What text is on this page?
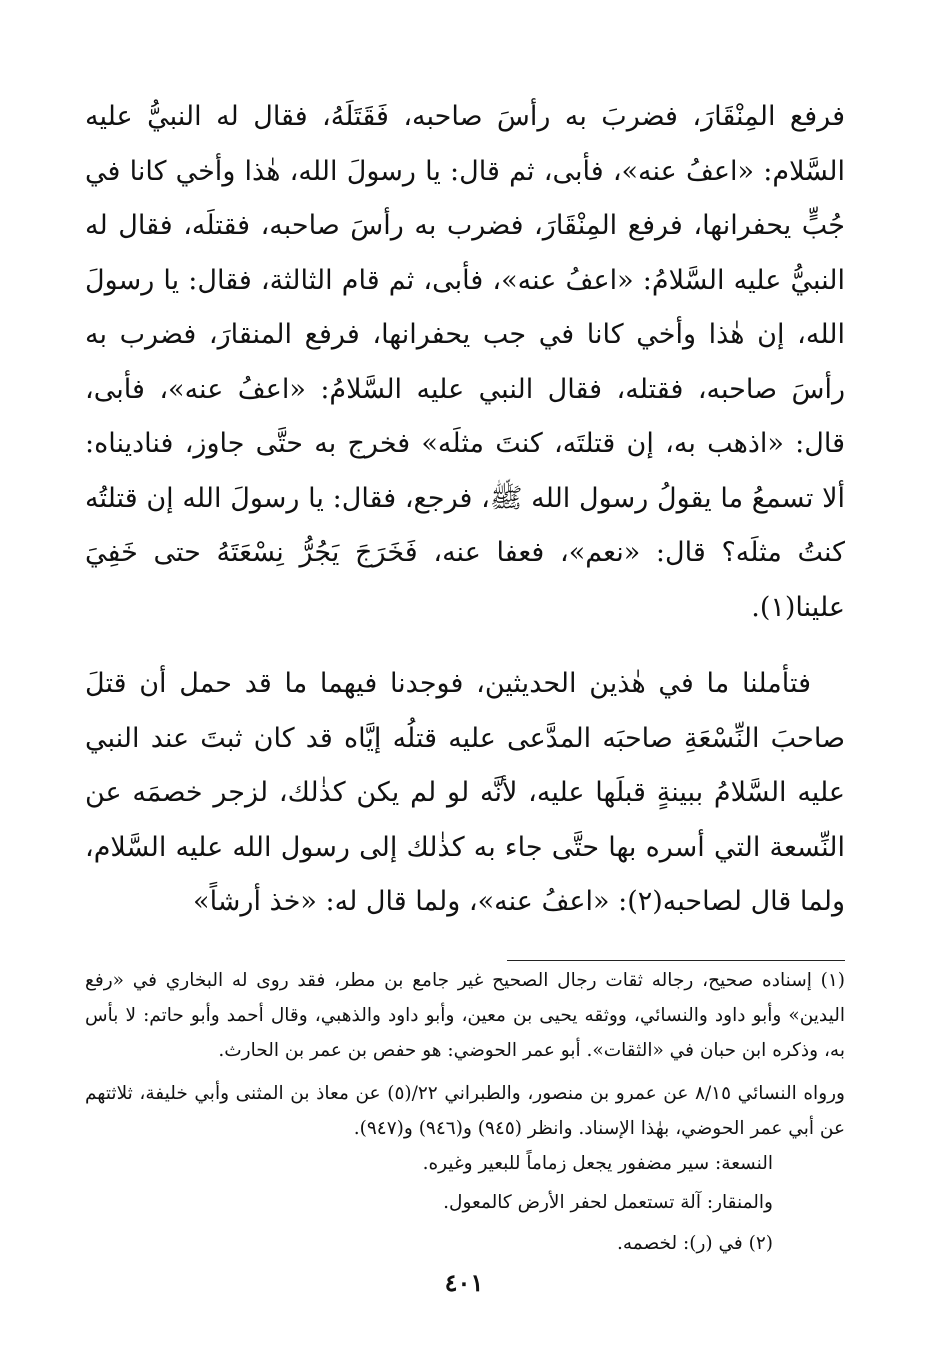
فرفع المِنْقَارَ، فضربَ به رأسَ صاحبه، فَقَتَلَهُ، فقال له النبيُّ عليه السَّلام: «اعفُ عنه»، فأبى، ثم قال: يا رسولَ الله، هٰذا وأخي كانا في جُبٍّ يحفرانها، فرفع المِنْقَارَ، فضرب به رأسَ صاحبه، فقتلَه، فقال له النبيُّ عليه السَّلامُ: «اعفُ عنه»، فأبى، ثم قام الثالثة، فقال: يا رسولَ الله، إن هٰذا وأخي كانا في جب يحفرانها، فرفع المنقارَ، فضرب به رأسَ صاحبه، فقتله، فقال النبي عليه السَّلامُ: «اعفُ عنه»، فأبى، قال: «اذهب به، إن قتلتَه، كنتَ مثلَه» فخرج به حتَّى جاوز، فناديناه: ألا تسمعُ ما يقولُ رسول الله ﷺ، فرجع، فقال: يا رسولَ الله إن قتلتُه كنتُ مثلَه؟ قال: «نعم»، فعفا عنه، فَخَرَجَ يَجُرُّ نِسْعَتَهُ حتى خَفِيَ علينا(١).

فتأملنا ما في هٰذين الحديثين، فوجدنا فيهما ما قد حمل أن قتلَ صاحبَ النِّسْعَةِ صاحبَه المدَّعى عليه قتلُه إيَّاه قد كان ثبتَ عند النبي عليه السَّلامُ ببينةٍ قبلَها عليه، لأنَّه لو لم يكن كذٰلك، لزجر خصمَه عن النِّسعة التي أسره بها حتَّى جاء به كذٰلك إلى رسول الله عليه السَّلام، ولما قال لصاحبه(٢): «اعفُ عنه»، ولما قال له: «خذ أرشاً»

(١) إسناده صحيح، رجاله ثقات رجال الصحيح غير جامع بن مطر، فقد روى له البخاري في «رفع اليدين» وأبو داود والنسائي، ووثقه يحيى بن معين، وأبو داود والذهبي، وقال أحمد وأبو حاتم: لا بأس به، وذكره ابن حبان في «الثقات». أبو عمر الحوضي: هو حفص بن عمر بن الحارث.

ورواه النسائي ٨/١٥ عن عمرو بن منصور، والطبراني ٢٢/(٥) عن معاذ بن المثنى وأبي خليفة، ثلاثتهم عن أبي عمر الحوضي، بهٰذا الإسناد. وانظر (٩٤٥) و(٩٤٦) و(٩٤٧).

النسعة: سير مضفور يجعل زماماً للبعير وغيره.

والمنقار: آلة تستعمل لحفر الأرض كالمعول.

(٢) في (ر): لخصمه.

٤٠١
